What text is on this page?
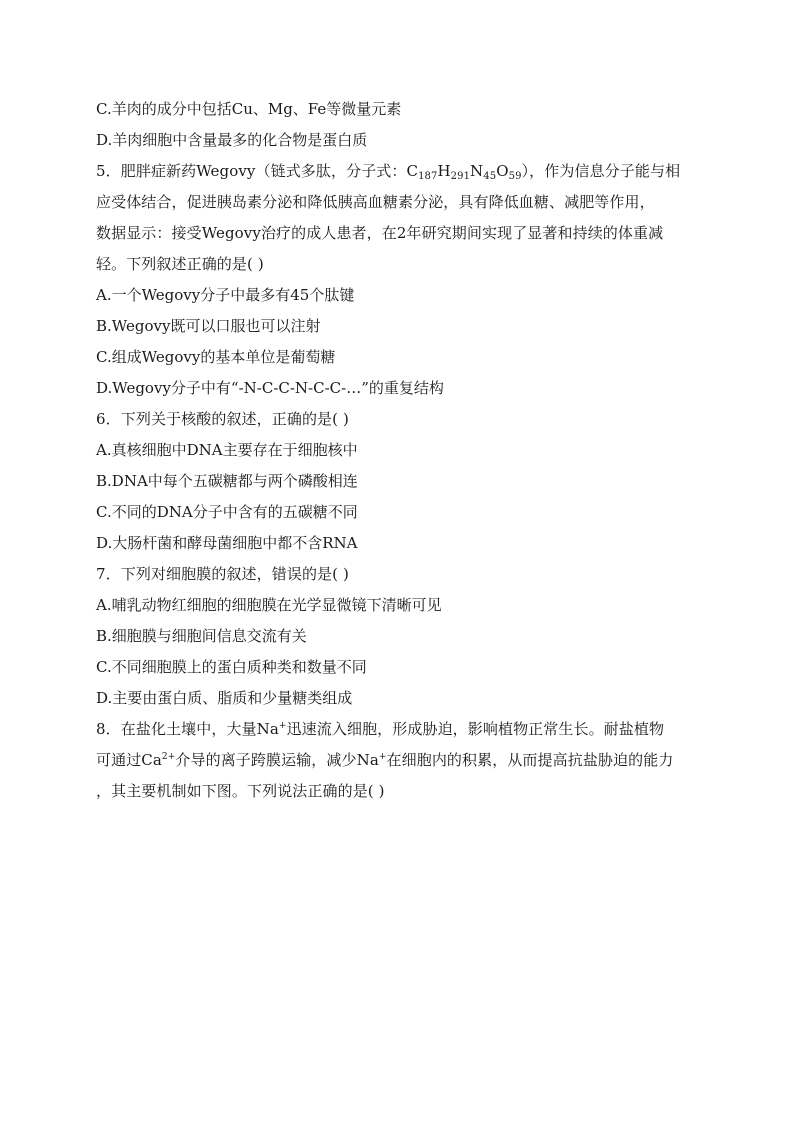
C.羊肉的成分中包括Cu、Mg、Fe等微量元素
D.羊肉细胞中含量最多的化合物是蛋白质
5．肥胖症新药Wegovy（链式多肽，分子式：$C_{187}H_{291}N_{45}O_{59}$），作为信息分子能与相
应受体结合，促进胰岛素分泌和降低胰高血糖素分泌，具有降低血糖、减肥等作用，
数据显示：接受Wegovy治疗的成人患者，在2年研究期间实现了显著和持续的体重减
轻。下列叙述正确的是( )
A.一个Wegovy分子中最多有45个肽键
B.Wegovy既可以口服也可以注射
C.组成Wegovy的基本单位是葡萄糖
D.Wegovy分子中有“-N-C-C-N-C-C-…”的重复结构
6．下列关于核酸的叙述，正确的是( )
A.真核细胞中DNA主要存在于细胞核中
B.DNA中每个五碳糖都与两个磷酸相连
C.不同的DNA分子中含有的五碳糖不同
D.大肠杆菌和酵母菌细胞中都不含RNA
7．下列对细胞膜的叙述，错误的是( )
A.哺乳动物红细胞的细胞膜在光学显微镜下清晰可见
B.细胞膜与细胞间信息交流有关
C.不同细胞膜上的蛋白质种类和数量不同
D.主要由蛋白质、脂质和少量糖类组成
8．在盐化土壤中，大量Na+迅速流入细胞，形成胁迫，影响植物正常生长。耐盐植物
可通过$Ca^{2+}$介导的离子跨膜运输，减少Na+在细胞内的积累，从而提高抗盐胁迫的能力
，其主要机制如下图。下列说法正确的是( )
